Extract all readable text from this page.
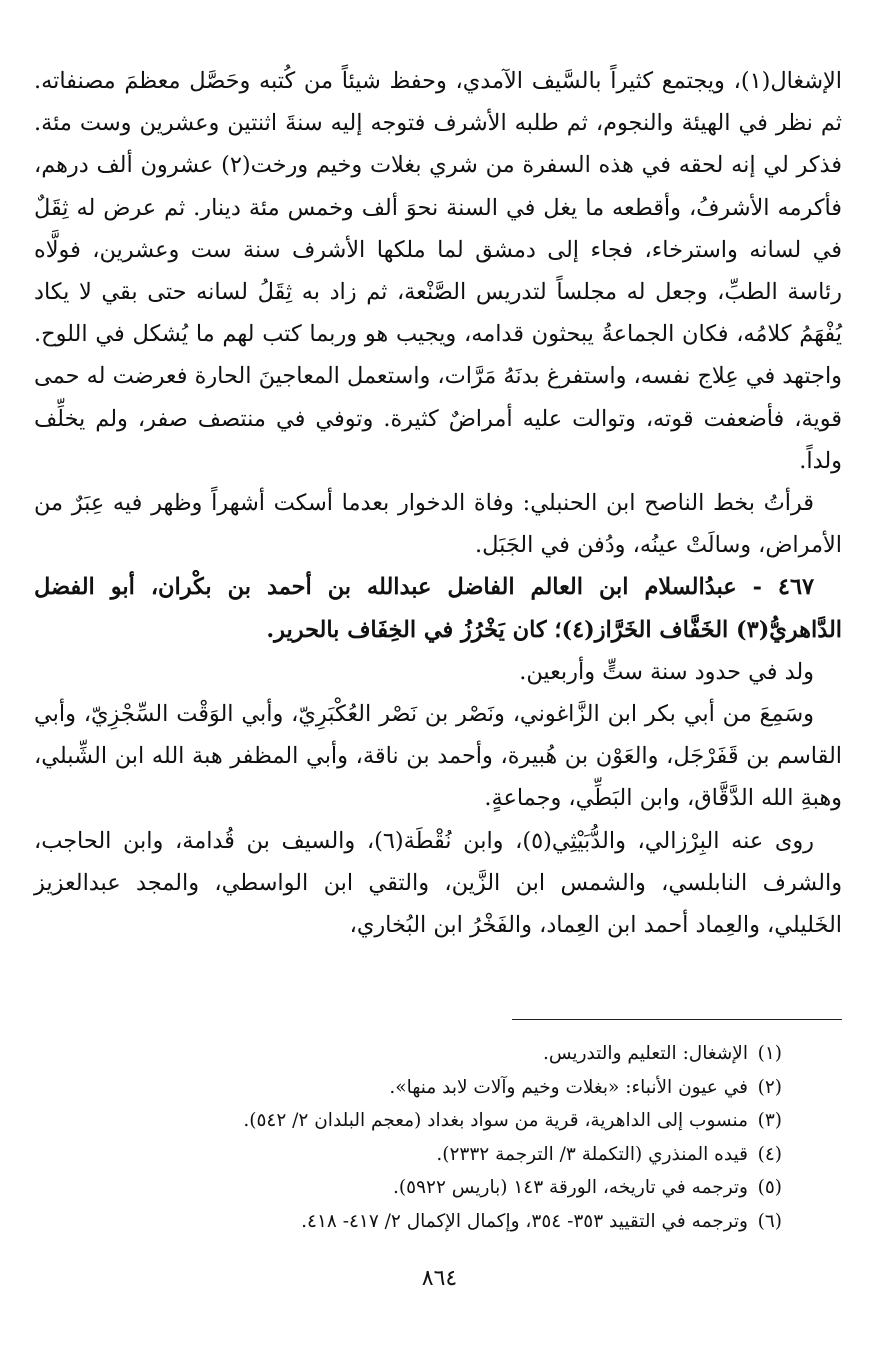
الإشغال(١)، ويجتمع كثيراً بالسَّيف الآمدي، وحفظ شيئاً من كُتبه وحَصَّل معظمَ مصنفاته. ثم نظر في الهيئة والنجوم، ثم طلبه الأشرف فتوجه إليه سنةَ اثنتين وعشرين وست مئة. فذكر لي إنه لحقه في هذه السفرة من شري بغلات وخيم ورخت(٢) عشرون ألف درهم، فأكرمه الأشرفُ، وأقطعه ما يغل في السنة نحوَ ألف وخمس مئة دينار. ثم عرض له ثِقَلٌ في لسانه واسترخاء، فجاء إلى دمشق لما ملكها الأشرف سنة ست وعشرين، فولَّاه رئاسة الطبِّ، وجعل له مجلساً لتدريس الصَّنْعة، ثم زاد به ثِقَلُ لسانه حتى بقي لا يكاد يُفْهَمُ كلامُه، فكان الجماعةُ يبحثون قدامه، ويجيب هو وربما كتب لهم ما يُشكل في اللوح. واجتهد في عِلاج نفسه، واستفرغ بدنَهُ مَرَّات، واستعمل المعاجينَ الحارة فعرضت له حمى قوية، فأضعفت قوته، وتوالت عليه أمراضٌ كثيرة. وتوفي في منتصف صفر، ولم يخلِّف ولداً.
قرأتُ بخط الناصح ابن الحنبلي: وفاة الدخوار بعدما أسكت أشهراً وظهر فيه عِبَرٌ من الأمراض، وسالَتْ عينُه، ودُفن في الجَبَل.
٤٦٧ - عبدُالسلام ابن العالم الفاضل عبدالله بن أحمد بن بكْران، أبو الفضل الدَّاهريُّ(٣) الخَفَّاف الخَرَّاز(٤)؛ كان يَخْرُزُ في الخِفَاف بالحرير.
ولد في حدود سنة ستٍّ وأربعين.
وسَمِعَ من أبي بكر ابن الزَّاغوني، ونَصْر بن نَصْر العُكْبَرِيّ، وأبي الوَقْت السِّجْزِيّ، وأبي القاسم بن قَفَرْجَل، والعَوْن بن هُبيرة، وأحمد بن ناقة، وأبي المظفر هبة الله ابن الشِّبلي، وهبةِ الله الدَّقَّاق، وابن البَطِّي، وجماعةٍ.
روى عنه البِرْزالي، والدُّبَيْثِي(٥)، وابن نُقْطَة(٦)، والسيف بن قُدامة، وابن الحاجب، والشرف النابلسي، والشمس ابن الزَّين، والتقي ابن الواسطي، والمجد عبدالعزيز الخَليلي، والعِماد أحمد ابن العِماد، والفَخْرُ ابن البُخاري،
(١)الإشغال: التعليم والتدريس.
(٢)في عيون الأنباء: «بغلات وخيم وآلات لابد منها».
(٣)منسوب إلى الداهرية، قرية من سواد بغداد (معجم البلدان ٢/ ٥٤٢).
(٤)قيده المنذري (التكملة ٣/ الترجمة ٢٣٣٢).
(٥)وترجمه في تاريخه، الورقة ١٤٣ (باريس ٥٩٢٢).
(٦)وترجمه في التقييد ٣٥٣- ٣٥٤، وإكمال الإكمال ٢/ ٤١٧- ٤١٨.
٨٦٤
